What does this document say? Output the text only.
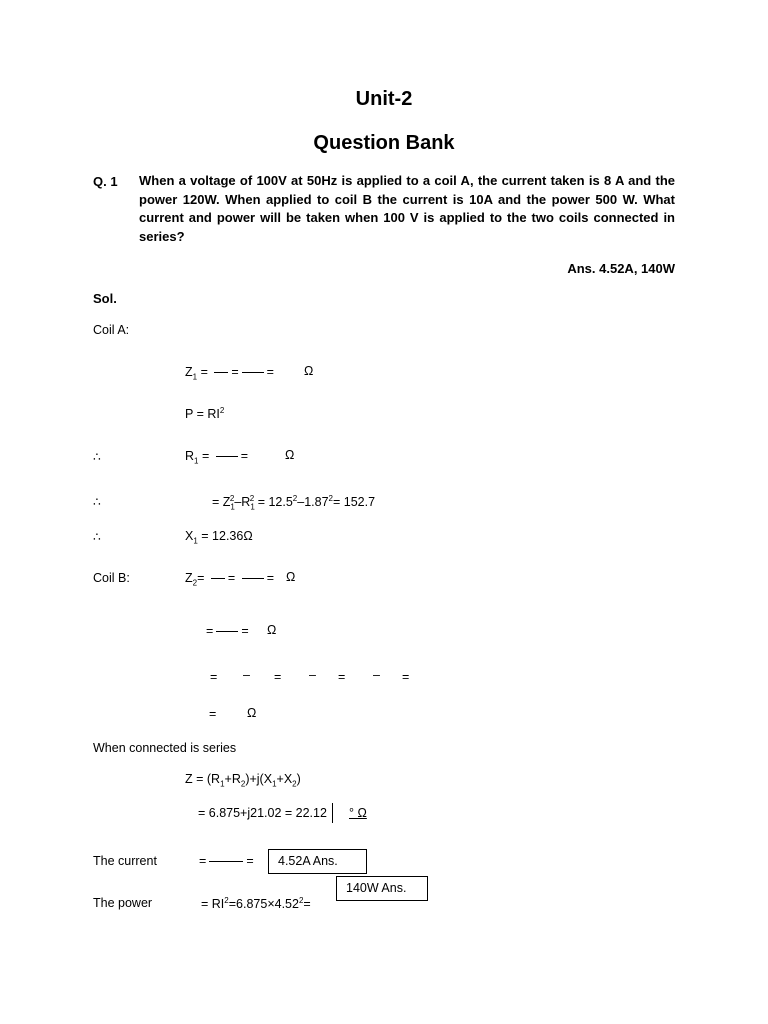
Unit-2
Question Bank
Q. 1 When a voltage of 100V at 50Hz is applied to a coil A, the current taken is 8 A and the power 120W. When applied to coil B the current is 10A and the power 500 W. What current and power will be taken when 100 V is applied to the two coils connected in series?
Ans. 4.52A, 140W
Sol.
Coil A:
$Z_1$ = = = Ω
$P = RI^2$
∴	$R_1$ =	=	Ω
∴	= $Z_1^2-R_1^2 = 12.5^2-1.87^2= 152.7$
∴	$X_1 = 12.36\Omega$
Coil B:	$Z_2=$ =	= Ω
= = Ω
= – = – = – =
= Ω
When connected is series
$Z = (R_1+R_2)+j(X_1+X_2)$
= 6.875+j21.02 = 22.12 ° Ω
The current	=	= 4.52A Ans.
140W Ans.
The power	= $RI^2=6.875\times 4.52^2=$
